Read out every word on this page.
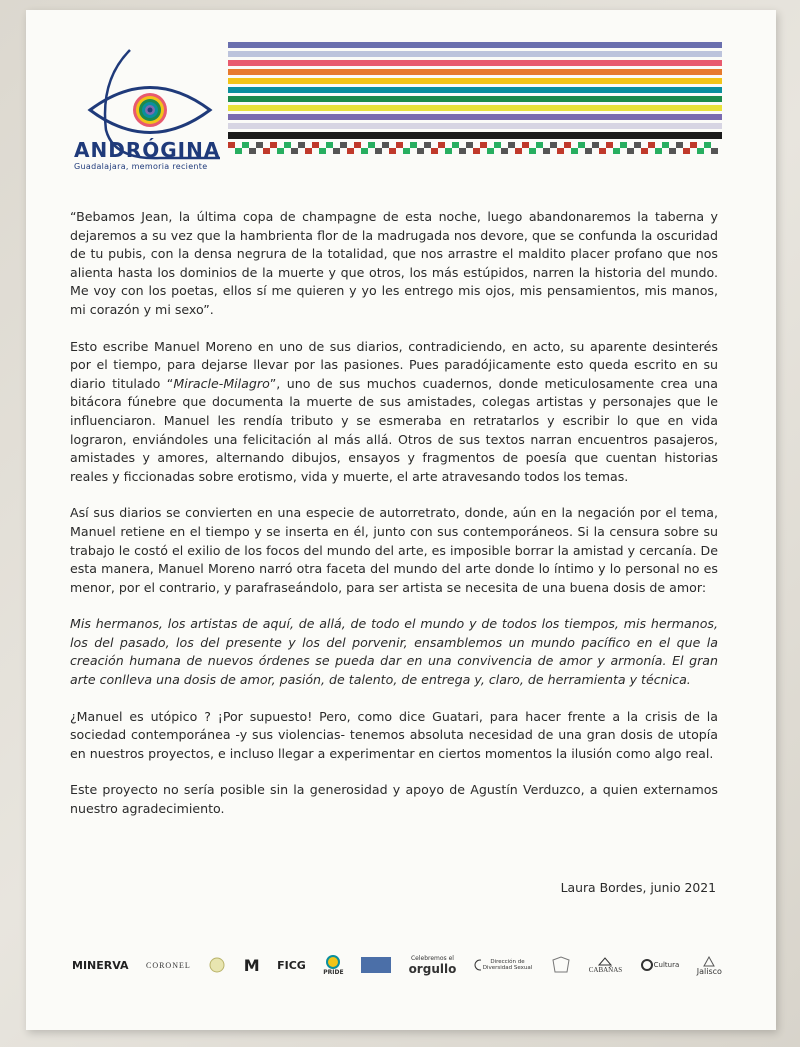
ANDRÓGINA
Guadalajara, memoria reciente

“Bebamos Jean, la última copa de champagne de esta noche, luego abandonaremos la taberna y dejaremos a su vez que la hambrienta flor de la madrugada nos devore, que se confunda la oscuridad de tu pubis, con la densa negrura de la totalidad, que nos arrastre el maldito placer profano que nos alienta hasta los dominios de la muerte y que otros, los más estúpidos, narren la historia del mundo. Me voy con los poetas, ellos sí me quieren y yo les entrego mis ojos, mis pensamientos, mis manos, mi corazón y mi sexo”.

Esto escribe Manuel Moreno en uno de sus diarios, contradiciendo, en acto, su aparente desinterés por el tiempo, para dejarse llevar por las pasiones. Pues paradójicamente esto queda escrito en su diario titulado “Miracle-Milagro”, uno de sus muchos cuadernos, donde meticulosamente crea una bitácora fúnebre que documenta la muerte de sus amistades, colegas artistas y personajes que le influenciaron. Manuel les rendía tributo y se esmeraba en retratarlos y escribir lo que en vida lograron, enviándoles una felicitación al más allá. Otros de sus textos narran encuentros pasajeros, amistades y amores, alternando dibujos, ensayos y fragmentos de poesía que cuentan historias reales y ficcionadas sobre erotismo, vida y muerte, el arte atravesando todos los temas.

Así sus diarios se convierten en una especie de autorretrato, donde, aún en la negación por el tema, Manuel retiene en el tiempo y se inserta en él, junto con sus contemporáneos. Si la censura sobre su trabajo le costó el exilio de los focos del mundo del arte, es imposible borrar la amistad y cercanía. De esta manera, Manuel Moreno narró otra faceta del mundo del arte donde lo íntimo y lo personal no es menor, por el contrario, y parafraseándolo, para ser artista se necesita de una buena dosis de amor:

Mis hermanos, los artistas de aquí, de allá, de todo el mundo y de todos los tiempos, mis hermanos, los del pasado, los del presente y los del porvenir, ensamblemos un mundo pacífico en el que la creación humana de nuevos órdenes se pueda dar en una convivencia de amor y armonía. El gran arte conlleva una dosis de amor, pasión, de talento, de entrega y, claro, de herramienta y técnica.

¿Manuel es utópico ? ¡Por supuesto! Pero, como dice Guatari, para hacer frente a la crisis de la sociedad contemporánea -y sus violencias- tenemos absoluta necesidad de una gran dosis de utopía en nuestros proyectos, e incluso llegar a experimentar en ciertos momentos la ilusión como algo real.

Este proyecto no sería posible sin la generosidad y apoyo de Agustín Verduzco, a quien externamos nuestro agradecimiento.

Laura Bordes, junio 2021
MINERVA CORONEL	M FICG
PRIDE
Celebremos el
orgullo	Dirección de Diversidad Sexual	CABAÑAS
Cultura
Jalisco
